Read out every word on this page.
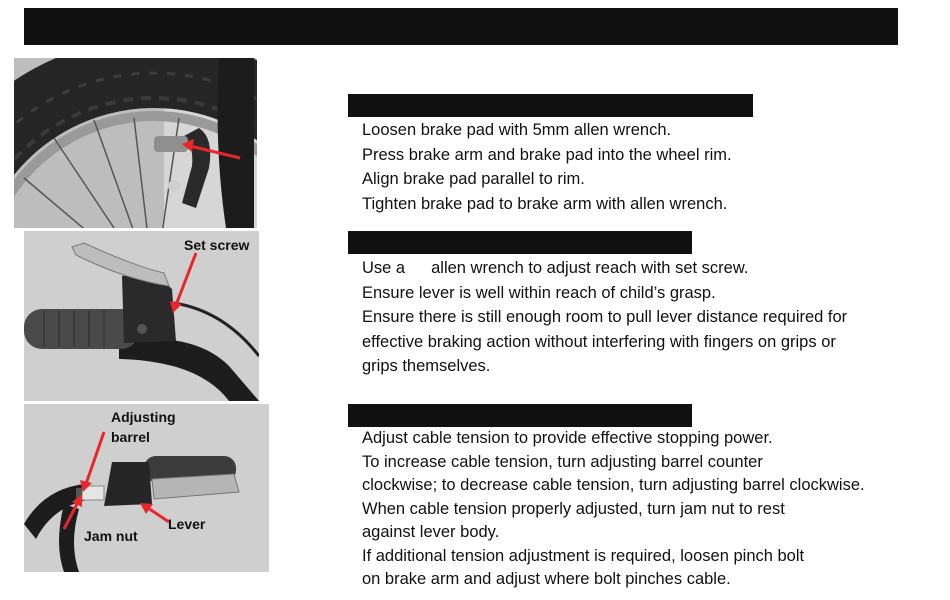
Set screw
Adjusting
barrel
Lever
Jam nut
Loosen brake pad with 5mm allen wrench.
Press brake arm and brake pad into the wheel rim.
Align brake pad parallel to rim.
Tighten brake pad to brake arm with allen wrench.
Use a allen wrench to adjust reach with set screw.
Ensure lever is well within reach of child’s grasp.
Ensure there is still enough room to pull lever distance required for
effective braking action without interfering with fingers on grips or
grips themselves.
Adjust cable tension to provide effective stopping power.
To increase cable tension, turn adjusting barrel counter
clockwise; to decrease cable tension, turn adjusting barrel clockwise.
When cable tension properly adjusted, turn jam nut to rest
against lever body.
If additional tension adjustment is required, loosen pinch bolt
on brake arm and adjust where bolt pinches cable.
